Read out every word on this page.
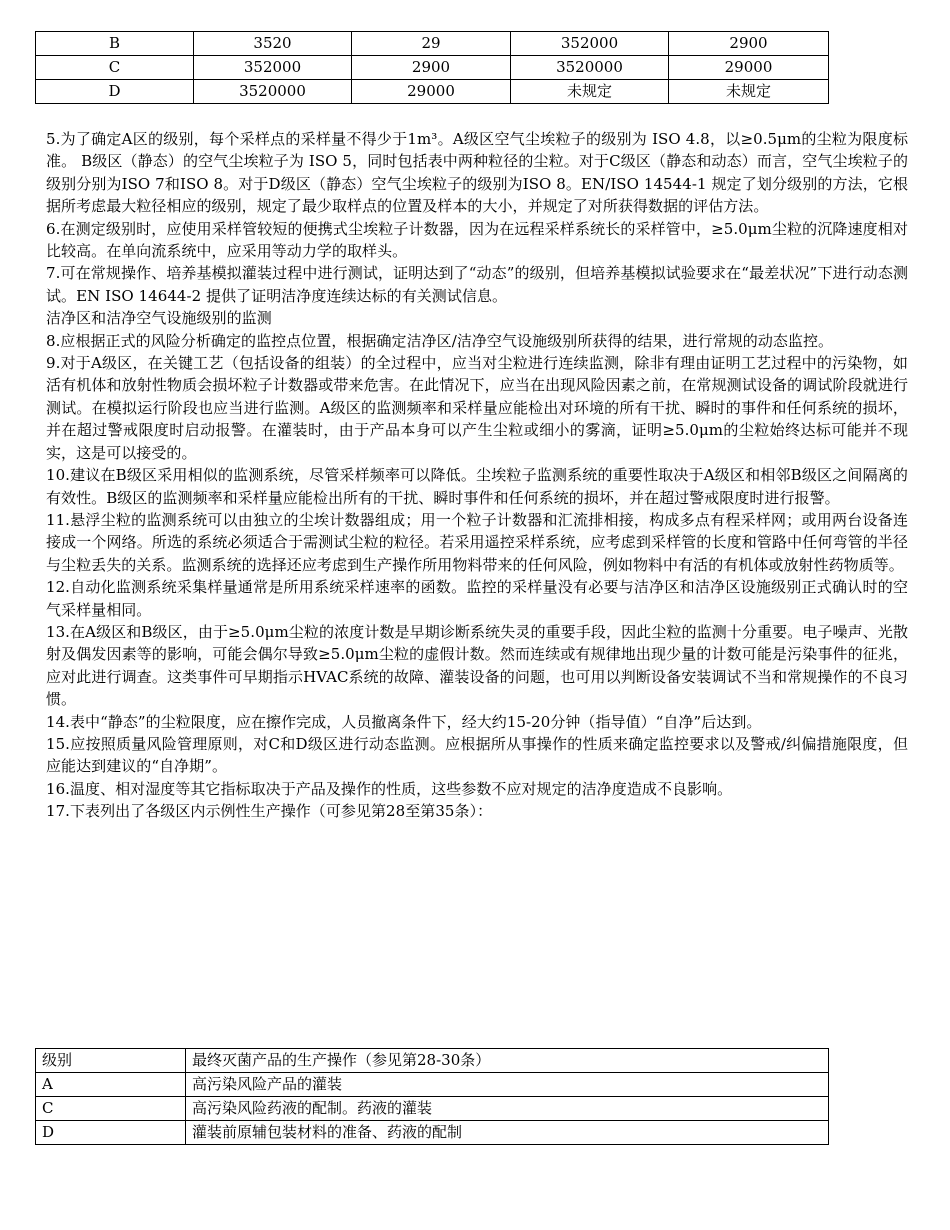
B	3520	29	352000	2900
C	352000	2900	3520000	29000
D	3520000	29000	未规定	未规定

5.为了确定A区的级别，每个采样点的采样量不得少于1m³。A级区空气尘埃粒子的级别为 ISO 4.8，以≥0.5μm的尘粒为限度标准。 B级区（静态）的空气尘埃粒子为 ISO 5，同时包括表中两种粒径的尘粒。对于C级区（静态和动态）而言，空气尘埃粒子的级别分别为ISO 7和ISO 8。对于D级区（静态）空气尘埃粒子的级别为ISO 8。EN/ISO 14544-1 规定了划分级别的方法，它根据所考虑最大粒径相应的级别，规定了最少取样点的位置及样本的大小，并规定了对所获得数据的评估方法。

6.在测定级别时，应使用采样管较短的便携式尘埃粒子计数器，因为在远程采样系统长的采样管中，≥5.0μm尘粒的沉降速度相对比较高。在单向流系统中，应采用等动力学的取样头。

7.可在常规操作、培养基模拟灌装过程中进行测试，证明达到了“动态”的级别，但培养基模拟试验要求在“最差状况”下进行动态测试。EN ISO 14644-2 提供了证明洁净度连续达标的有关测试信息。

洁净区和洁净空气设施级别的监测

8.应根据正式的风险分析确定的监控点位置，根据确定洁净区/洁净空气设施级别所获得的结果，进行常规的动态监控。

9.对于A级区，在关键工艺（包括设备的组装）的全过程中，应当对尘粒进行连续监测，除非有理由证明工艺过程中的污染物，如活有机体和放射性物质会损坏粒子计数器或带来危害。在此情况下，应当在出现风险因素之前，在常规测试设备的调试阶段就进行测试。在模拟运行阶段也应当进行监测。A级区的监测频率和采样量应能检出对环境的所有干扰、瞬时的事件和任何系统的损坏，并在超过警戒限度时启动报警。在灌装时，由于产品本身可以产生尘粒或细小的雾滴，证明≥5.0μm的尘粒始终达标可能并不现实，这是可以接受的。

10.建议在B级区采用相似的监测系统，尽管采样频率可以降低。尘埃粒子监测系统的重要性取决于A级区和相邻B级区之间隔离的有效性。B级区的监测频率和采样量应能检出所有的干扰、瞬时事件和任何系统的损坏，并在超过警戒限度时进行报警。

11.悬浮尘粒的监测系统可以由独立的尘埃计数器组成；用一个粒子计数器和汇流排相接，构成多点有程采样网；或用两台设备连接成一个网络。所选的系统必须适合于需测试尘粒的粒径。若采用遥控采样系统，应考虑到采样管的长度和管路中任何弯管的半径与尘粒丢失的关系。监测系统的选择还应考虑到生产操作所用物料带来的任何风险，例如物料中有活的有机体或放射性药物质等。

12.自动化监测系统采集样量通常是所用系统采样速率的函数。监控的采样量没有必要与洁净区和洁净区设施级别正式确认时的空气采样量相同。

13.在A级区和B级区，由于≥5.0μm尘粒的浓度计数是早期诊断系统失灵的重要手段，因此尘粒的监测十分重要。电子噪声、光散射及偶发因素等的影响，可能会偶尔导致≥5.0μm尘粒的虚假计数。然而连续或有规律地出现少量的计数可能是污染事件的征兆，应对此进行调查。这类事件可早期指示HVAC系统的故障、灌装设备的问题，也可用以判断设备安装调试不当和常规操作的不良习惯。

14.表中“静态”的尘粒限度，应在擦作完成，人员撤离条件下，经大约15-20分钟（指导值）“自净”后达到。

15.应按照质量风险管理原则，对C和D级区进行动态监测。应根据所从事操作的性质来确定监控要求以及警戒/纠偏措施限度，但应能达到建议的“自净期”。

16.温度、相对湿度等其它指标取决于产品及操作的性质，这些参数不应对规定的洁净度造成不良影响。

17.下表列出了各级区内示例性生产操作（可参见第28至第35条）：

级别	最终灭菌产品的生产操作（参见第28-30条）
A	高污染风险产品的灌装
C	高污染风险药液的配制。药液的灌装
D	灌装前原辅包装材料的准备、药液的配制
